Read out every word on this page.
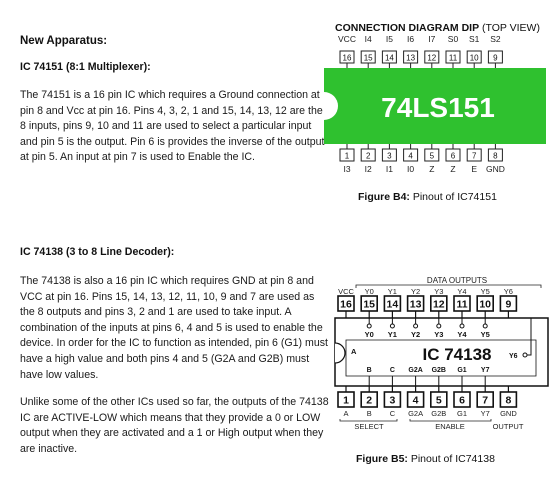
New Apparatus:
IC 74151 (8:1 Multiplexer):
The 74151 is a 16 pin IC which requires a Ground connection at pin 8 and Vcc at pin 16. Pins 4, 3, 2, 1 and 15, 14, 13, 12 are the 8 inputs, pins 9, 10 and 11 are used to select a particular input and pin 5 is the output. Pin 6 is provides the inverse of the output at pin 5. An input at pin 7 is used to Enable the IC.
IC 74138 (3 to 8 Line Decoder):
The 74138 is also a 16 pin IC which requires GND at pin 8 and VCC at pin 16. Pins 15, 14, 13, 12, 11, 10, 9 and 7 are used as the 8 outputs and pins 3, 2 and 1 are used to take input. A combination of the inputs at pins 6, 4 and 5 is used to enable the device. In order for the IC to function as intended, pin 6 (G1) must have a high value and both pins 4 and 5 (G2A and G2B) must have low values.
Unlike some of the other ICs used so far, the outputs of the 74138 IC are ACTIVE-LOW which means that they provide a 0 or LOW output when they are activated and a 1 or High output when they are inactive.
CONNECTION DIAGRAM DIP (TOP VIEW)
VCC I4 I5 I6 I7 S0 S1 S2
16 15 14 13 12 11 10 9
74LS151
1 2 3 4 5 6 7 8
I3 I2 I1 I0 Z Z E GND
DATA OUTPUTS
VCC Y0 Y1 Y2 Y3 Y4 Y5 Y6
16 15 14 13 12 11 10 9
Y0 Y1 Y2 Y3 Y4 Y5
IC 74138
A
Y6
B	C G2A G2B G1 Y7
1 2 3 4 5 6 7 8
A B C G2A G2B G1 Y7 GND
SELECT	ENABLE	OUTPUT
Figure B4: Pinout of IC74151
Figure B5: Pinout of IC74138
